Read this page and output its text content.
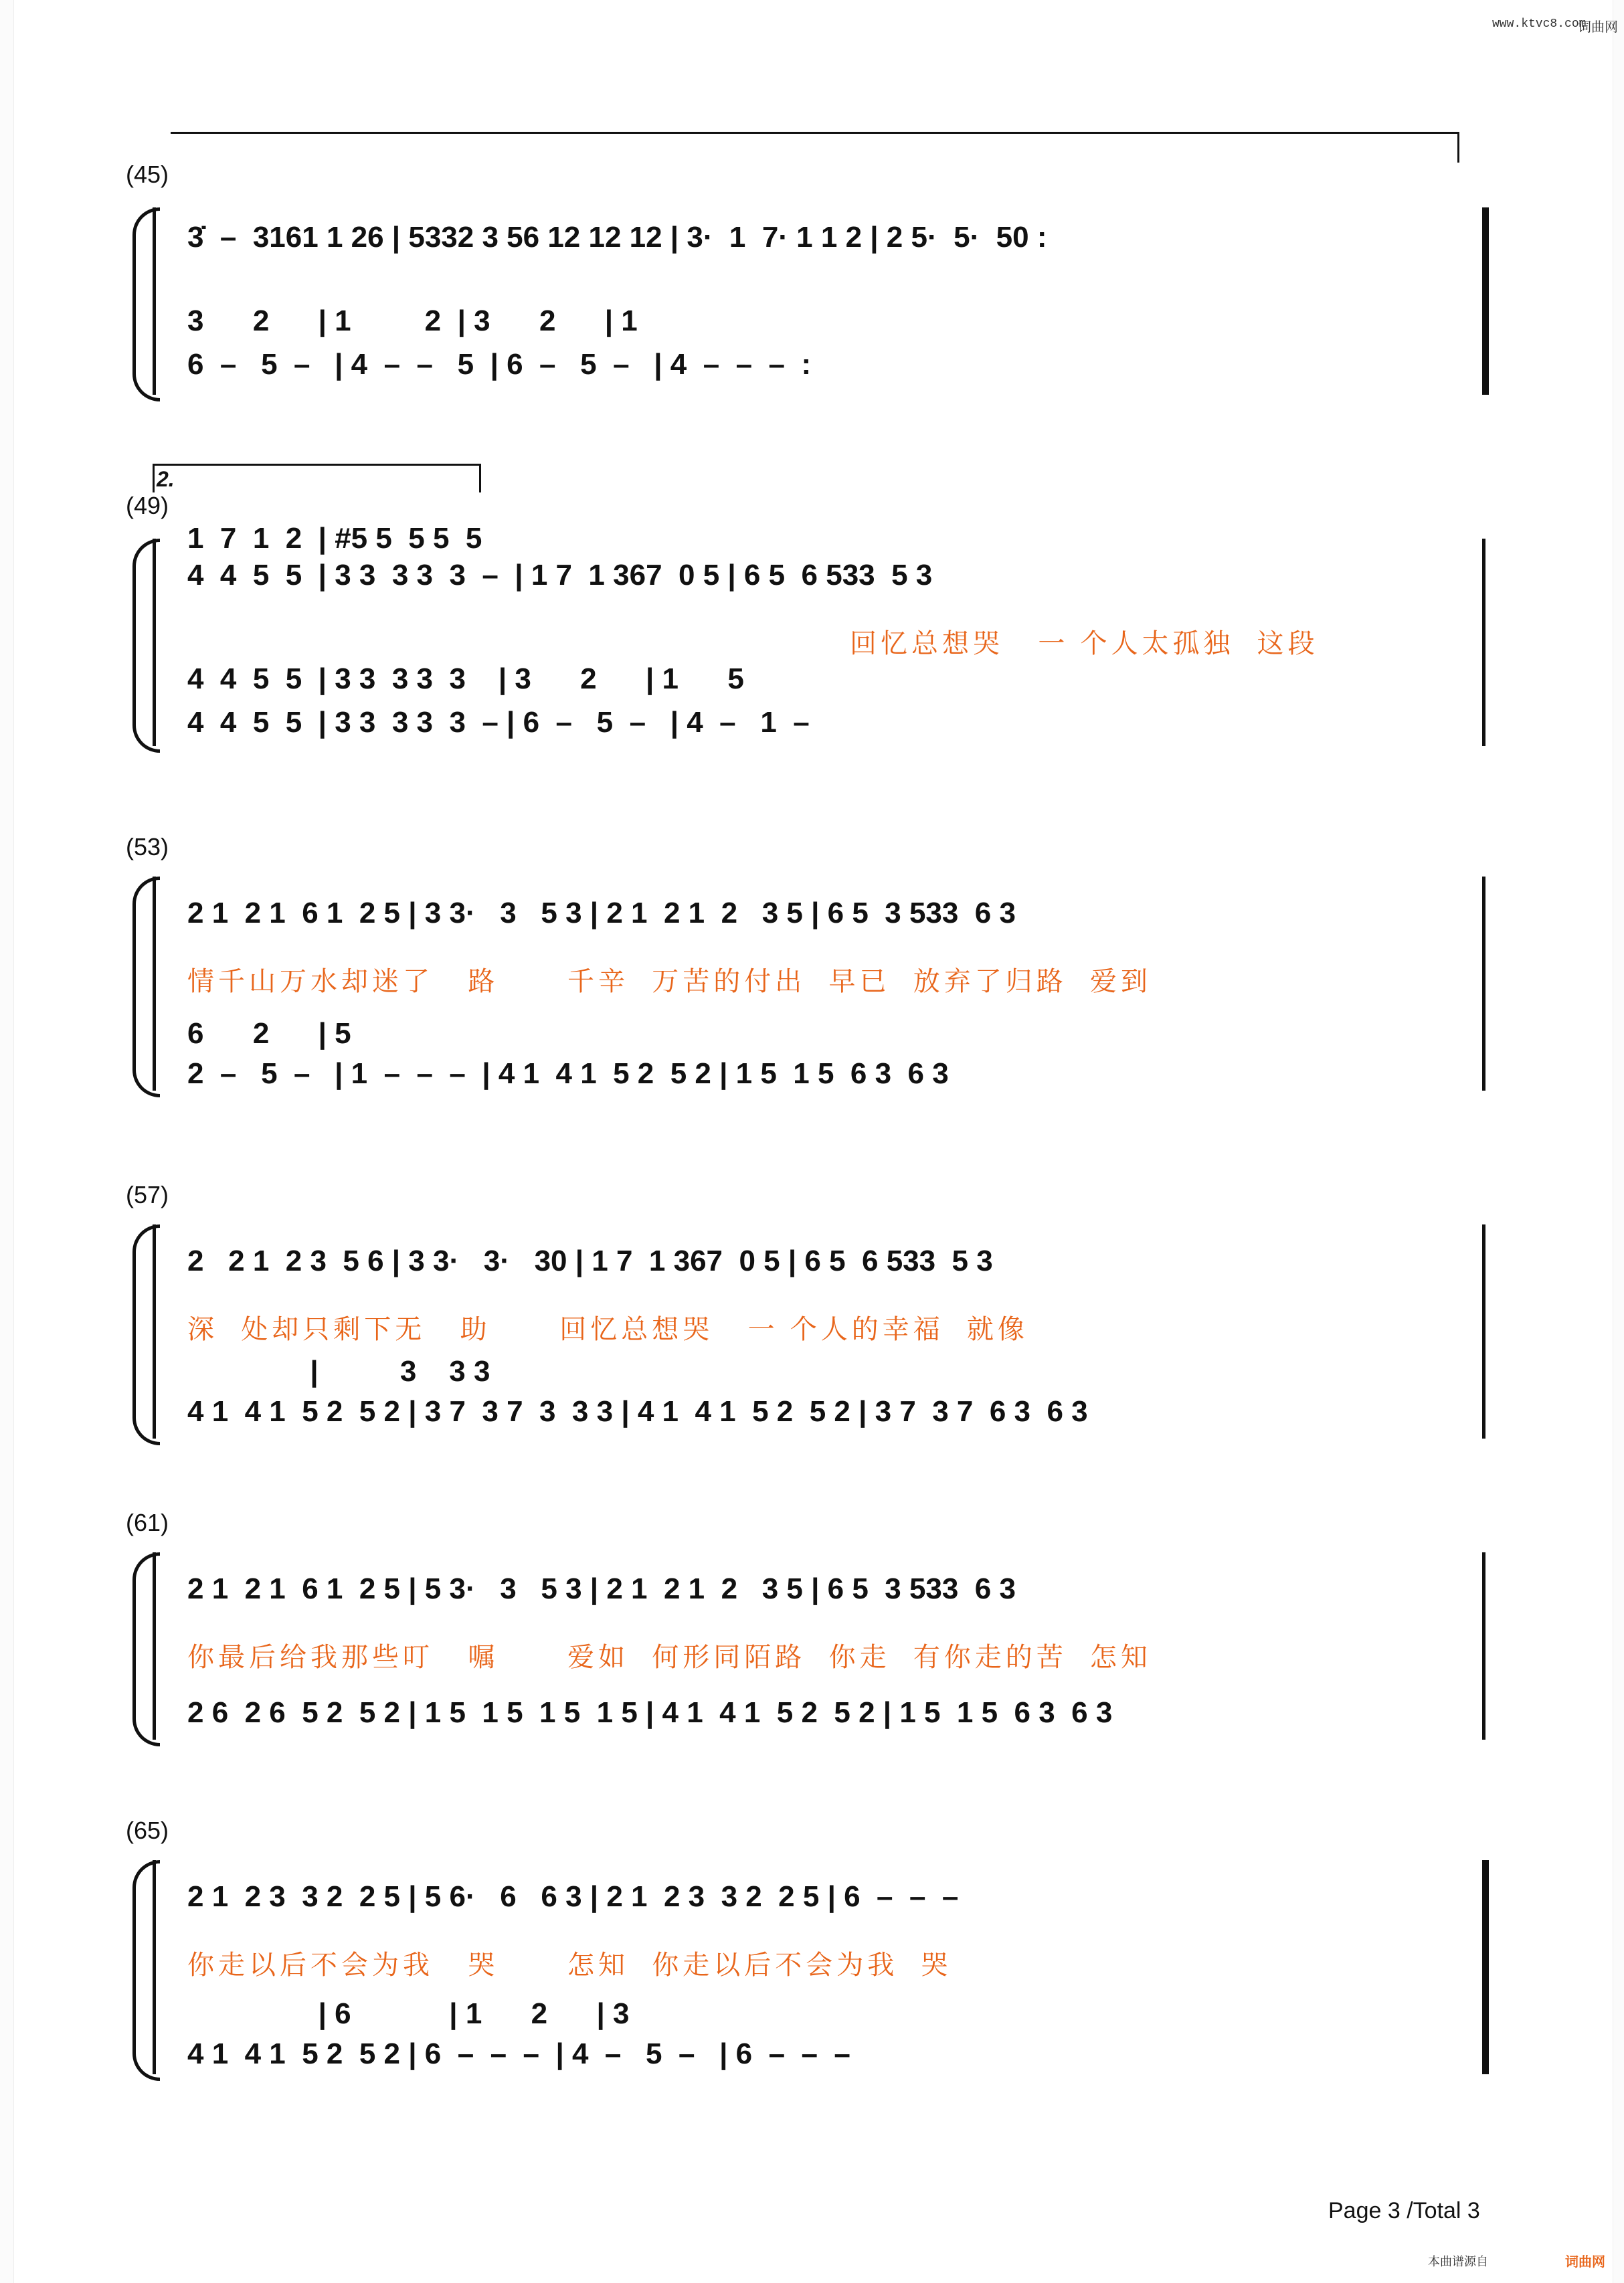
www.ktvc8.com
词曲网
(45)
3̇  –  3161 1 26 | 5332 3 56 12 12 12 | 3·  1  7· 1 1 2 | 2 5·  5·  50 :
3      2      | 1         2  | 3      2      | 1
6  –   5  –   | 4  –  –   5  | 6  –   5  –   | 4  –  –  –  :
2.
(49)
1  7  1  2  | #5 5  5 5  5
4  4  5  5  | 3 3  3 3  3  –  | 1 7  1 367  0 5 | 6 5  6 533  5 3
回忆总想哭   一 个人太孤独  这段
4  4  5  5  | 3 3  3 3  3    | 3      2      | 1      5
4  4  5  5  | 3 3  3 3  3  – | 6  –   5  –   | 4  –   1  –
(53)
2 1  2 1  6 1  2 5 | 3 3·   3   5 3 | 2 1  2 1  2   3 5 | 6 5  3 533  6 3
情千山万水却迷了   路      千辛  万苦的付出  早已  放弃了归路  爱到
6      2      | 5
2  –   5  –   | 1  –  –  –  | 4 1  4 1  5 2  5 2 | 1 5  1 5  6 3  6 3
(57)
2   2 1  2 3  5 6 | 3 3·   3·   30 | 1 7  1 367  0 5 | 6 5  6 533  5 3
深  处却只剩下无   助      回忆总想哭   一 个人的幸福  就像
|          3    3 3
4 1  4 1  5 2  5 2 | 3 7  3 7  3  3 3 | 4 1  4 1  5 2  5 2 | 3 7  3 7  6 3  6 3
(61)
2 1  2 1  6 1  2 5 | 5 3·   3   5 3 | 2 1  2 1  2   3 5 | 6 5  3 533  6 3
你最后给我那些叮   嘱      爱如  何形同陌路  你走  有你走的苦  怎知
2 6  2 6  5 2  5 2 | 1 5  1 5  1 5  1 5 | 4 1  4 1  5 2  5 2 | 1 5  1 5  6 3  6 3
(65)
2 1  2 3  3 2  2 5 | 5 6·   6   6 3 | 2 1  2 3  3 2  2 5 | 6  –  –  –
你走以后不会为我   哭      怎知  你走以后不会为我  哭
| 6            | 1      2      | 3
4 1  4 1  5 2  5 2 | 6  –  –  –  | 4  –   5  –   | 6  –  –  –
Page 3 /Total 3
本曲谱源自	词曲网
